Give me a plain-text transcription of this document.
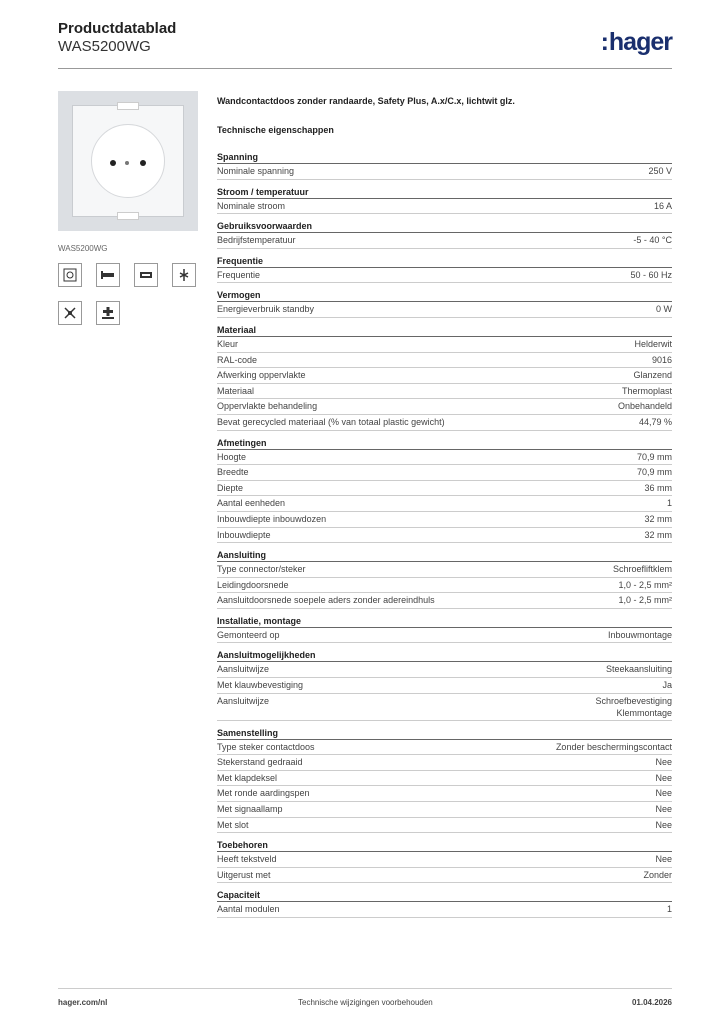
Productdatablad
WAS5200WG	:hager
WAS5200WG
Wandcontactdoos zonder randaarde, Safety Plus, A.x/C.x, lichtwit glz.
Technische eigenschappen
Spanning
Nominale spanning	250 V
Stroom / temperatuur
Nominale stroom	16 A
Gebruiksvoorwaarden
Bedrijfstemperatuur	-5 - 40 °C
Frequentie
Frequentie	50 - 60 Hz
Vermogen
Energieverbruik standby	0 W
Materiaal
Kleur	Helderwit
RAL-code	9016
Afwerking oppervlakte	Glanzend
Materiaal	Thermoplast
Oppervlakte behandeling	Onbehandeld
Bevat gerecycled materiaal (% van totaal plastic gewicht)	44,79 %
Afmetingen
Hoogte	70,9 mm
Breedte	70,9 mm
Diepte	36 mm
Aantal eenheden	1
Inbouwdiepte inbouwdozen	32 mm
Inbouwdiepte	32 mm
Aansluiting
Type connector/steker	Schroefliftklem
Leidingdoorsnede	1,0 - 2,5 mm²
Aansluitdoorsnede soepele aders zonder adereindhuls	1,0 - 2,5 mm²
Installatie, montage
Gemonteerd op	Inbouwmontage
Aansluitmogelijkheden
Aansluitwijze	Steekaansluiting
Met klauwbevestiging	Ja
Aansluitwijze	Schroefbevestiging
Klemmontage
Samenstelling
Type steker contactdoos	Zonder beschermingscontact
Stekerstand gedraaid	Nee
Met klapdeksel	Nee
Met ronde aardingspen	Nee
Met signaallamp	Nee
Met slot	Nee
Toebehoren
Heeft tekstveld	Nee
Uitgerust met	Zonder
Capaciteit
Aantal modulen	1
hager.com/nl	Technische wijzigingen voorbehouden	01.04.2026
